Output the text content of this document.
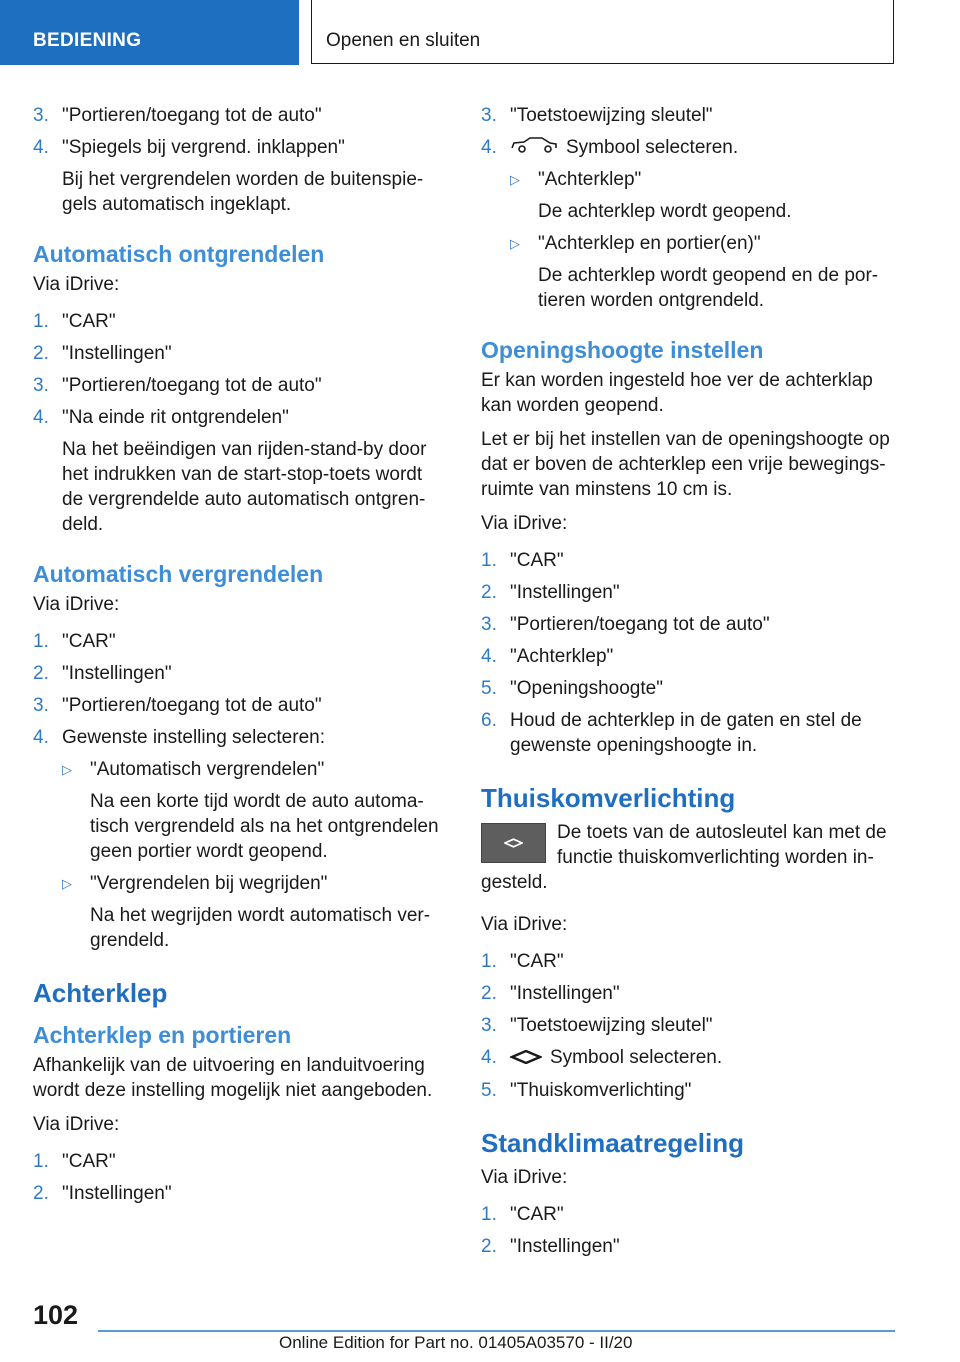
BEDIENING	Openen en sluiten
3. "Portieren/toegang tot de auto"
4. "Spiegels bij vergrend. inklappen"
Bij het vergrendelen worden de buitenspie-gels automatisch ingeklapt.
Automatisch ontgrendelen
Via iDrive:
1. "CAR"
2. "Instellingen"
3. "Portieren/toegang tot de auto"
4. "Na einde rit ontgrendelen"
Na het beëindigen van rijden-stand-by door het indrukken van de start-stop-toets wordt de vergrendelde auto automatisch ontgren-deld.
Automatisch vergrendelen
Via iDrive:
1. "CAR"
2. "Instellingen"
3. "Portieren/toegang tot de auto"
4. Gewenste instelling selecteren:
▷ "Automatisch vergrendelen"
Na een korte tijd wordt de auto automa-tisch vergrendeld als na het ontgrendelen geen portier wordt geopend.
▷ "Vergrendelen bij wegrijden"
Na het wegrijden wordt automatisch ver-grendeld.
Achterklep
Achterklep en portieren
Afhankelijk van de uitvoering en landuitvoering wordt deze instelling mogelijk niet aangeboden.
Via iDrive:
1. "CAR"
2. "Instellingen"
3. "Toetstoewijzing sleutel"
4.	Symbool selecteren.
▷ "Achterklep"
De achterklep wordt geopend.
▷ "Achterklep en portier(en)"
De achterklep wordt geopend en de por-tieren worden ontgrendeld.
Openingshoogte instellen
Er kan worden ingesteld hoe ver de achterklap kan worden geopend.
Let er bij het instellen van de openingshoogte op dat er boven de achterklep een vrije bewegings-ruimte van minstens 10 cm is.
Via iDrive:
1. "CAR"
2. "Instellingen"
3. "Portieren/toegang tot de auto"
4. "Achterklep"
5. "Openingshoogte"
6. Houd de achterklep in de gaten en stel de gewenste openingshoogte in.
Thuiskomverlichting
De toets van de autosleutel kan met de functie thuiskomverlichting worden in-gesteld.
Via iDrive:
1. "CAR"
2. "Instellingen"
3. "Toetstoewijzing sleutel"
4.	Symbool selecteren.
5. "Thuiskomverlichting"
Standklimaatregeling
Via iDrive:
1. "CAR"
2. "Instellingen"
102
Online Edition for Part no. 01405A03570 - II/20
